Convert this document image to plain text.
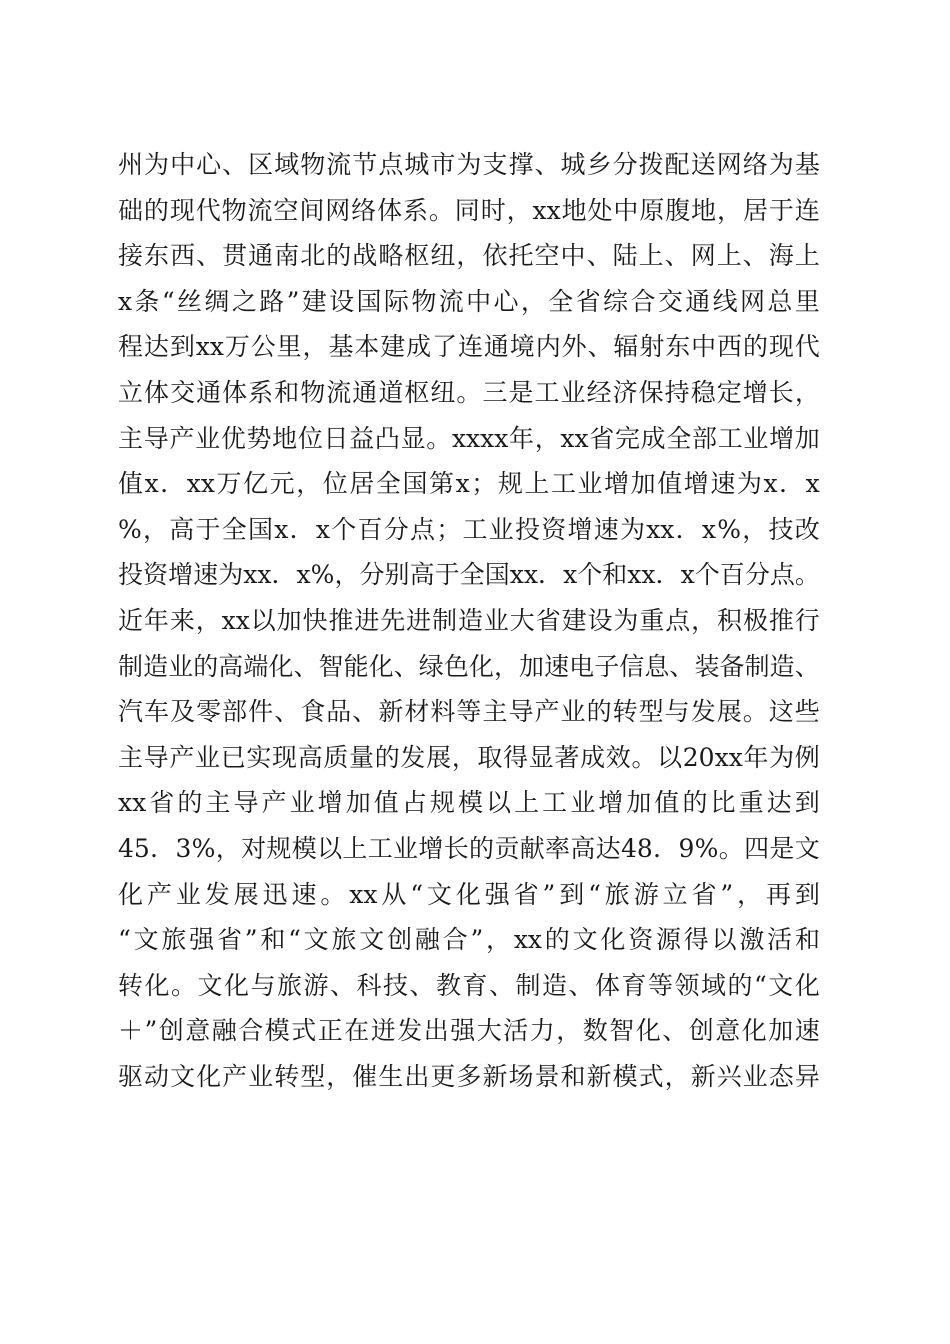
州 为 中 心 、 区 域 物 流 节 点 城 市 为 支 撑 、 城 乡 分 拨 配 送 网 络 为 基
础 的 现 代 物 流 空 间 网 络 体 系 。 同 时 ， xx 地 处 中 原 腹 地 ， 居 于 连
接 东 西 、 贯 通 南 北 的 战 略 枢 纽 ， 依 托 空 中 、 陆 上 、 网 上 、 海 上
x 条 “ 丝 绸 之 路 ” 建 设 国 际 物 流 中 心 ， 全 省 综 合 交 通 线 网 总 里
程 达 到 xx 万 公 里 ， 基 本 建 成 了 连 通 境 内 外 、 辐 射 东 中 西 的 现 代
立 体 交 通 体 系 和 物 流 通 道 枢 纽 。 三 是 工 业 经 济 保 持 稳 定 增 长 ，
主 导 产 业 优 势 地 位 日 益 凸 显 。 xxxx 年 ， xx 省 完 成 全 部 工 业 增 加
值 x ． xx 万 亿 元 ， 位 居 全 国 第 x ； 规 上 工 业 增 加 值 增 速 为 x ． x
% ， 高 于 全 国 x ． x 个 百 分 点 ； 工 业 投 资 增 速 为 xx ． x % ， 技 改
投 资 增 速 为 xx ． x % ， 分 别 高 于 全 国 xx ． x 个 和 xx ． x 个 百 分 点 。
近 年 来 ， xx 以 加 快 推 进 先 进 制 造 业 大 省 建 设 为 重 点 ， 积 极 推 行
制 造 业 的 高 端 化 、 智 能 化 、 绿 色 化 ， 加 速 电 子 信 息 、 装 备 制 造 、
汽 车 及 零 部 件 、 食 品 、 新 材 料 等 主 导 产 业 的 转 型 与 发 展 。 这 些
主 导 产 业 已 实 现 高 质 量 的 发 展 ， 取 得 显 著 成 效 。 以 20xx 年 为 例
xx 省 的 主 导 产 业 增 加 值 占 规 模 以 上 工 业 增 加 值 的 比 重 达 到
45 ． 3 % ， 对 规 模 以 上 工 业 增 长 的 贡 献 率 高 达 48 ． 9 % 。 四 是 文
化 产 业 发 展 迅 速 。 xx 从 “ 文 化 强 省 ” 到 “ 旅 游 立 省 ” ， 再 到
“ 文 旅 强 省 ” 和 “ 文 旅 文 创 融 合 ” ， xx 的 文 化 资 源 得 以 激 活 和
转 化 。 文 化 与 旅 游 、 科 技 、 教 育 、 制 造 、 体 育 等 领 域 的 “ 文 化
＋ ” 创 意 融 合 模 式 正 在 迸 发 出 强 大 活 力 ， 数 智 化 、 创 意 化 加 速
驱 动 文 化 产 业 转 型 ， 催 生 出 更 多 新 场 景 和 新 模 式 ， 新 兴 业 态 异
